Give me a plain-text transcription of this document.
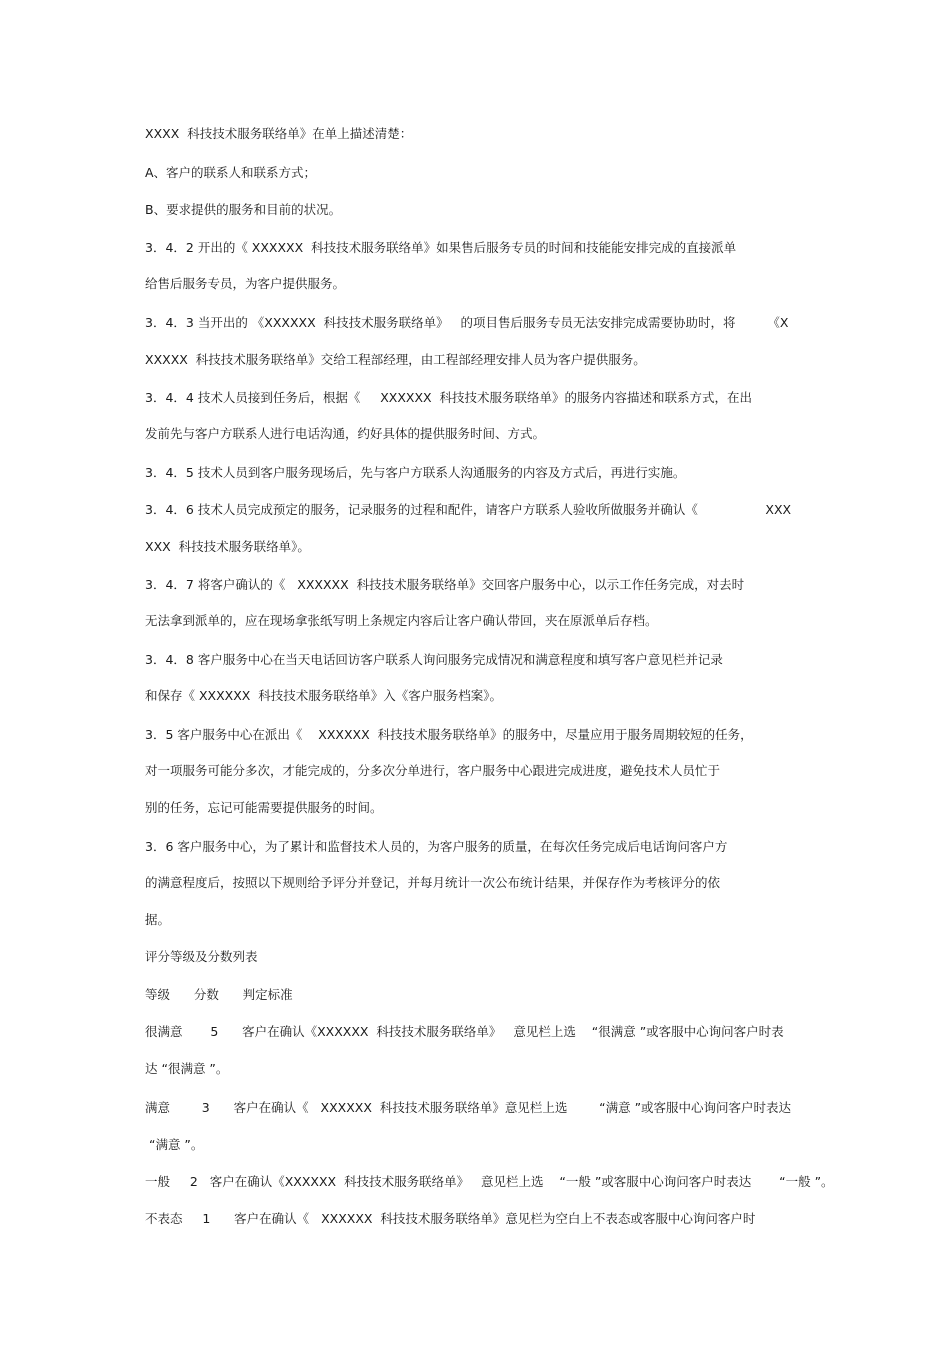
XXXX  科技技术服务联络单》在单上描述清楚：
A、客户的联系人和联系方式；
B、要求提供的服务和目前的状况。
3．4．2 开出的《 XXXXXX  科技技术服务联络单》如果售后服务专员的时间和技能能安排完成的直接派单
给售后服务专员，为客户提供服务。
3．4．3 当开出的 《XXXXXX  科技技术服务联络单》   的项目售后服务专员无法安排完成需要协助时，将        《X
XXXXX  科技技术服务联络单》交给工程部经理，由工程部经理安排人员为客户提供服务。
3．4．4 技术人员接到任务后，根据《     XXXXXX  科技技术服务联络单》的服务内容描述和联系方式，在出
发前先与客户方联系人进行电话沟通，约好具体的提供服务时间、方式。
3．4．5 技术人员到客户服务现场后，先与客户方联系人沟通服务的内容及方式后，再进行实施。
3．4．6 技术人员完成预定的服务，记录服务的过程和配件，请客户方联系人验收所做服务并确认《                 XXX
XXX  科技技术服务联络单》。
3．4．7 将客户确认的《   XXXXXX  科技技术服务联络单》交回客户服务中心，以示工作任务完成，对去时
无法拿到派单的，应在现场拿张纸写明上条规定内容后让客户确认带回，夹在原派单后存档。
3．4．8 客户服务中心在当天电话回访客户联系人询问服务完成情况和满意程度和填写客户意见栏并记录
和保存《 XXXXXX  科技技术服务联络单》入《客户服务档案》。
3．5 客户服务中心在派出《    XXXXXX  科技技术服务联络单》的服务中，尽量应用于服务周期较短的任务，
对一项服务可能分多次，才能完成的，分多次分单进行，客户服务中心跟进完成进度，避免技术人员忙于
别的任务，忘记可能需要提供服务的时间。
3．6 客户服务中心，为了累计和监督技术人员的，为客户服务的质量，在每次任务完成后电话询问客户方
的满意程度后，按照以下规则给予评分并登记，并每月统计一次公布统计结果，并保存作为考核评分的依
据。
评分等级及分数列表
等级      分数      判定标准
很满意       5      客户在确认《XXXXXX  科技技术服务联络单》   意见栏上选    “很满意 ”或客服中心询问客户时表
达 “很满意 ”。
满意        3      客户在确认《   XXXXXX  科技技术服务联络单》意见栏上选        “满意 ”或客服中心询问客户时表达
“满意 ”。
一般     2   客户在确认《XXXXXX  科技技术服务联络单》   意见栏上选    “一般 ”或客服中心询问客户时表达       “一般 ”。
不表态     1      客户在确认《   XXXXXX  科技技术服务联络单》意见栏为空白上不表态或客服中心询问客户时
